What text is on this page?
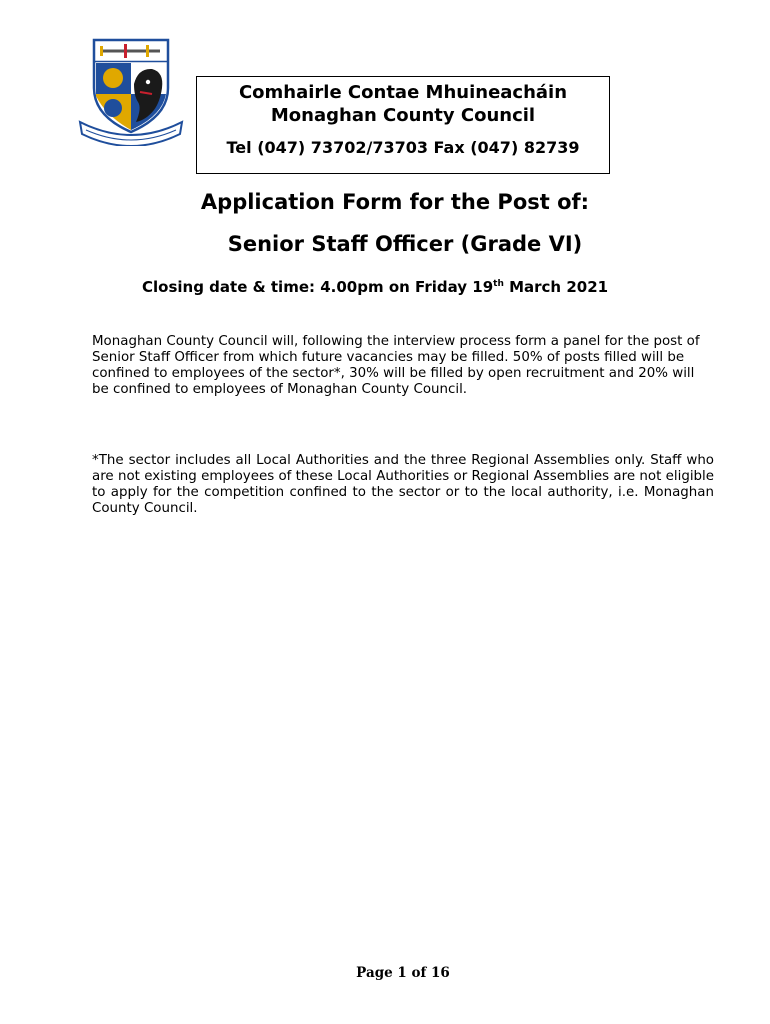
Comhairle Contae Mhuineacháin
Monaghan County Council
Tel (047) 73702/73703 Fax (047) 82739
Application Form for the Post of:
Senior Staff Officer (Grade VI)
Closing date & time: 4.00pm on Friday 19th March 2021
Monaghan County Council will, following the interview process form a panel for the post of Senior Staff Officer from which future vacancies may be filled. 50% of posts filled will be confined to employees of the sector*, 30% will be filled by open recruitment and 20% will be confined to employees of Monaghan County Council.
*The sector includes all Local Authorities and the three Regional Assemblies only. Staff who are not existing employees of these Local Authorities or Regional Assemblies are not eligible to apply for the competition confined to the sector or to the local authority, i.e. Monaghan County Council.
Page 1 of 16
